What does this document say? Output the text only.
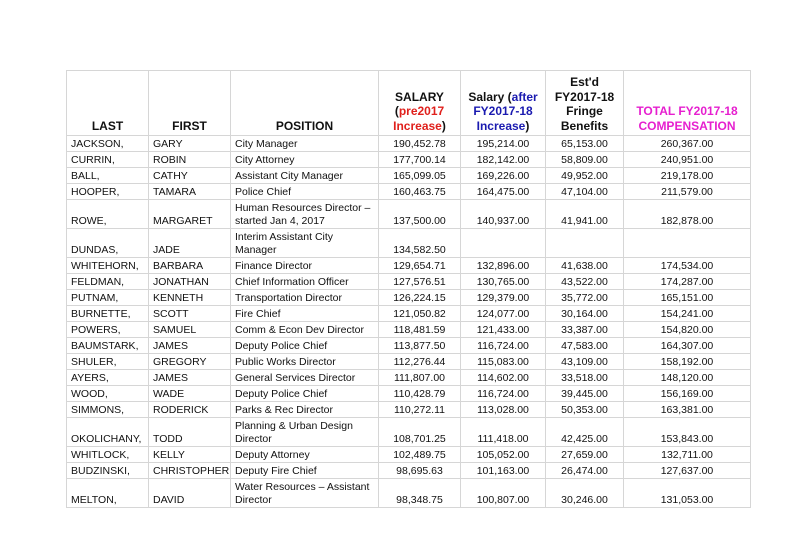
LAST	FIRST	POSITION	SALARY
(pre2017
Increase)	Salary (after
FY2017-18
Increase)	Est'd FY2017-18 Fringe Benefits	TOTAL FY2017-18 COMPENSATION
JACKSON,	GARY	City Manager	190,452.78	195,214.00	65,153.00	260,367.00
CURRIN,	ROBIN	City Attorney	177,700.14	182,142.00	58,809.00	240,951.00
BALL,	CATHY	Assistant City Manager	165,099.05	169,226.00	49,952.00	219,178.00
HOOPER,	TAMARA	Police Chief	160,463.75	164,475.00	47,104.00	211,579.00
ROWE,	MARGARET	Human Resources Director – started Jan 4, 2017	137,500.00	140,937.00	41,941.00	182,878.00
DUNDAS,	JADE	Interim Assistant City Manager	134,582.50			
WHITEHORN,	BARBARA	Finance Director	129,654.71	132,896.00	41,638.00	174,534.00
FELDMAN,	JONATHAN	Chief Information Officer	127,576.51	130,765.00	43,522.00	174,287.00
PUTNAM,	KENNETH	Transportation Director	126,224.15	129,379.00	35,772.00	165,151.00
BURNETTE,	SCOTT	Fire Chief	121,050.82	124,077.00	30,164.00	154,241.00
POWERS,	SAMUEL	Comm & Econ Dev Director	118,481.59	121,433.00	33,387.00	154,820.00
BAUMSTARK,	JAMES	Deputy Police Chief	113,877.50	116,724.00	47,583.00	164,307.00
SHULER,	GREGORY	Public Works Director	112,276.44	115,083.00	43,109.00	158,192.00
AYERS,	JAMES	General Services Director	111,807.00	114,602.00	33,518.00	148,120.00
WOOD,	WADE	Deputy Police Chief	110,428.79	116,724.00	39,445.00	156,169.00
SIMMONS,	RODERICK	Parks & Rec Director	110,272.11	113,028.00	50,353.00	163,381.00
OKOLICHANY,	TODD	Planning & Urban Design Director	108,701.25	111,418.00	42,425.00	153,843.00
WHITLOCK,	KELLY	Deputy Attorney	102,489.75	105,052.00	27,659.00	132,711.00
BUDZINSKI,	CHRISTOPHER	Deputy Fire Chief	98,695.63	101,163.00	26,474.00	127,637.00
MELTON,	DAVID	Water Resources – Assistant Director	98,348.75	100,807.00	30,246.00	131,053.00
